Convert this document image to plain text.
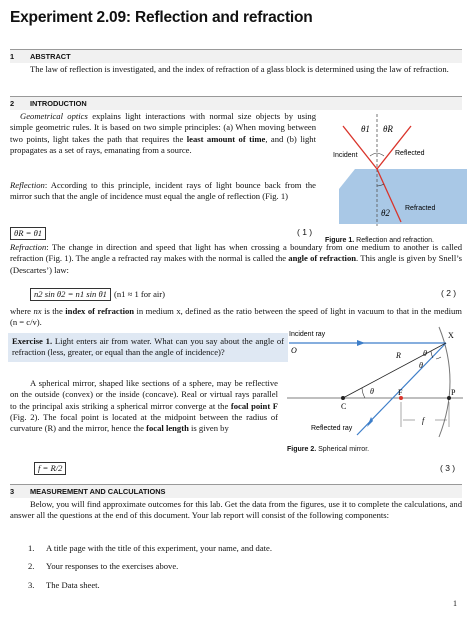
Experiment 2.09: Reflection and refraction
1 ABSTRACT
The law of reflection is investigated, and the index of refraction of a glass block is determined using the law of refraction.
2 INTRODUCTION
Geometrical optics explains light interactions with normal size objects by using simple geometric rules. It is based on two simple principles: (a) When moving between two points, light takes the path that requires the least amount of time, and (b) light propagates as a set of rays, emanating from a source.
Reflection: According to this principle, incident rays of light bounce back from the mirror such that the angle of incidence must equal the angle of reflection (Fig. 1)
θR = θ1	( 1 )
θ1 θR
Incident	Reflected
θ2 Refracted
Figure 1. Reflection and refraction.
Refraction: The change in direction and speed that light has when crossing a boundary from one medium to another is called refraction (Fig. 1). The angle a refracted ray makes with the normal is called the angle of refraction. This angle is given by Snell’s (Descartes’) law:
n2 sin θ2 = n1 sin θ1 (n1 ≈ 1 for air)	( 2 )
where nx is the index of refraction in medium x, defined as the ratio between the speed of light in vacuum to that in the medium (n = c/v).
Exercise 1. Light enters air from water. What can you say about the angle of refraction (less, greater, or equal than the angle of incidence)?
A spherical mirror, shaped like sections of a sphere, may be reflective on the outside (convex) or the inside (concave). Real or virtual rays parallel to the principal axis striking a spherical mirror converge at the focal point F (Fig. 2). The focal point is located at the midpoint between the radius of curvature (R) and the mirror, hence the focal length is given by
Incident ray
O
X
R	θ
θ
θ	P
C
F
f
Reflected ray
Figure 2. Spherical mirror.
f = R/2	( 3 )
3 MEASUREMENT AND CALCULATIONS
Below, you will find approximate outcomes for this lab. Get the data from the figures, use it to complete the calculations, and answer all the questions at the end of this document. Your lab report will consist of the following components:
1. A title page with the title of this experiment, your name, and date.
2. Your responses to the exercises above.
3. The Data sheet.
1
